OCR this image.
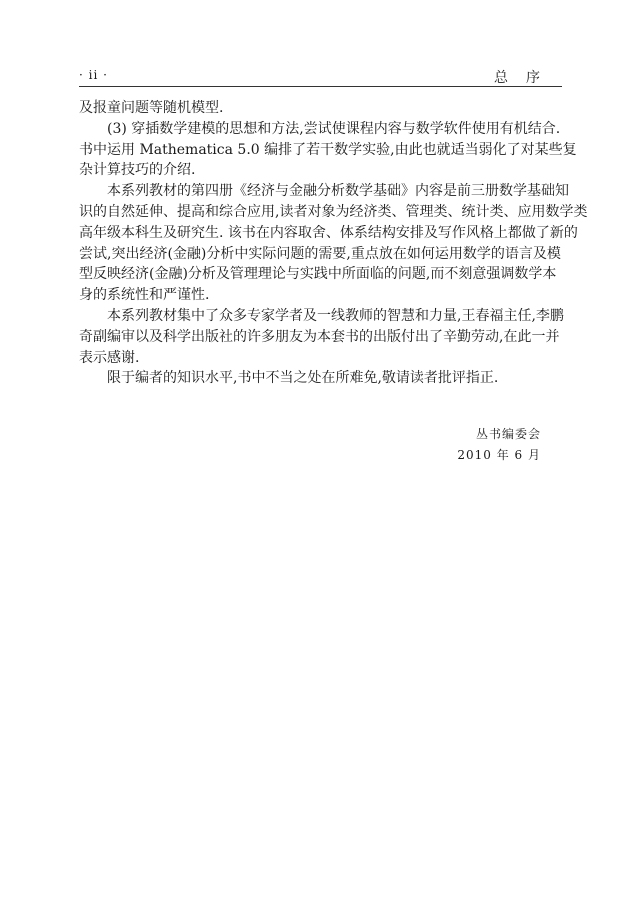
· ii ·	总序
及报童问题等随机模型.
(3) 穿插数学建模的思想和方法,尝试使课程内容与数学软件使用有机结合.
书中运用 Mathematica 5.0 编排了若干数学实验,由此也就适当弱化了对某些复
杂计算技巧的介绍.
本系列教材的第四册《经济与金融分析数学基础》内容是前三册数学基础知
识的自然延伸、提高和综合应用,读者对象为经济类、管理类、统计类、应用数学类
高年级本科生及研究生. 该书在内容取舍、体系结构安排及写作风格上都做了新的
尝试,突出经济(金融)分析中实际问题的需要,重点放在如何运用数学的语言及模
型反映经济(金融)分析及管理理论与实践中所面临的问题,而不刻意强调数学本
身的系统性和严谨性.
本系列教材集中了众多专家学者及一线教师的智慧和力量,王春福主任,李鹏
奇副编审以及科学出版社的许多朋友为本套书的出版付出了辛勤劳动,在此一并
表示感谢.
限于编者的知识水平,书中不当之处在所难免,敬请读者批评指正.
丛书编委会
2010 年 6 月
